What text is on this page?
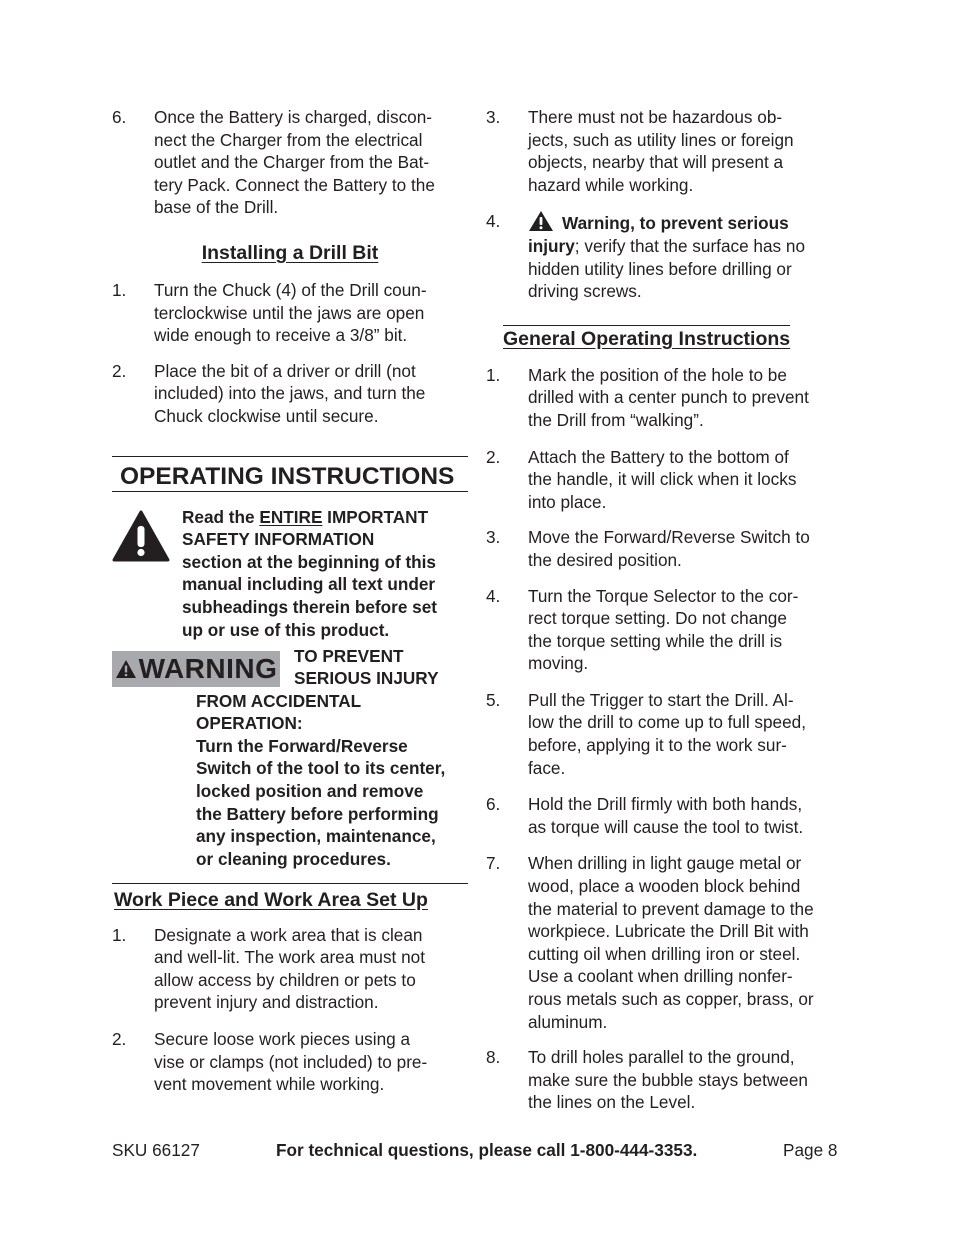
6. Once the Battery is charged, discon-
nect the Charger from the electrical
outlet and the Charger from the Bat-
tery Pack. Connect the Battery to the
base of the Drill.
Installing a Drill Bit
1. Turn the Chuck (4) of the Drill coun-
terclockwise until the jaws are open
wide enough to receive a 3/8” bit.
2. Place the bit of a driver or drill (not
included) into the jaws, and turn the
Chuck clockwise until secure.
OPERATING INSTRUCTIONS
Read the ENTIRE IMPORTANT
SAFETY INFORMATION
section at the beginning of this
manual including all text under
subheadings therein before set
up or use of this product.
WARNING TO PREVENT
SERIOUS INJURY
FROM ACCIDENTAL
OPERATION:
Turn the Forward/Reverse
Switch of the tool to its center,
locked position and remove
the Battery before performing
any inspection, maintenance,
or cleaning procedures.
Work Piece and Work Area Set Up
1. Designate a work area that is clean
and well-lit. The work area must not
allow access by children or pets to
prevent injury and distraction.
2. Secure loose work pieces using a
vise or clamps (not included) to pre-
vent movement while working.
3. There must not be hazardous ob-
jects, such as utility lines or foreign
objects, nearby that will present a
hazard while working.
4.	Warning, to prevent serious
injury; verify that the surface has no
hidden utility lines before drilling or
driving screws.
General Operating Instructions
1. Mark the position of the hole to be
drilled with a center punch to prevent
the Drill from “walking”.
2. Attach the Battery to the bottom of
the handle, it will click when it locks
into place.
3. Move the Forward/Reverse Switch to
the desired position.
4. Turn the Torque Selector to the cor-
rect torque setting. Do not change
the torque setting while the drill is
moving.
5. Pull the Trigger to start the Drill. Al-
low the drill to come up to full speed,
before, applying it to the work sur-
face.
6. Hold the Drill firmly with both hands,
as torque will cause the tool to twist.
7. When drilling in light gauge metal or
wood, place a wooden block behind
the material to prevent damage to the
workpiece. Lubricate the Drill Bit with
cutting oil when drilling iron or steel.
Use a coolant when drilling nonfer-
rous metals such as copper, brass, or
aluminum.
8. To drill holes parallel to the ground,
make sure the bubble stays between
the lines on the Level.
SKU 66127	For technical questions, please call 1-800-444-3353.	Page 8
